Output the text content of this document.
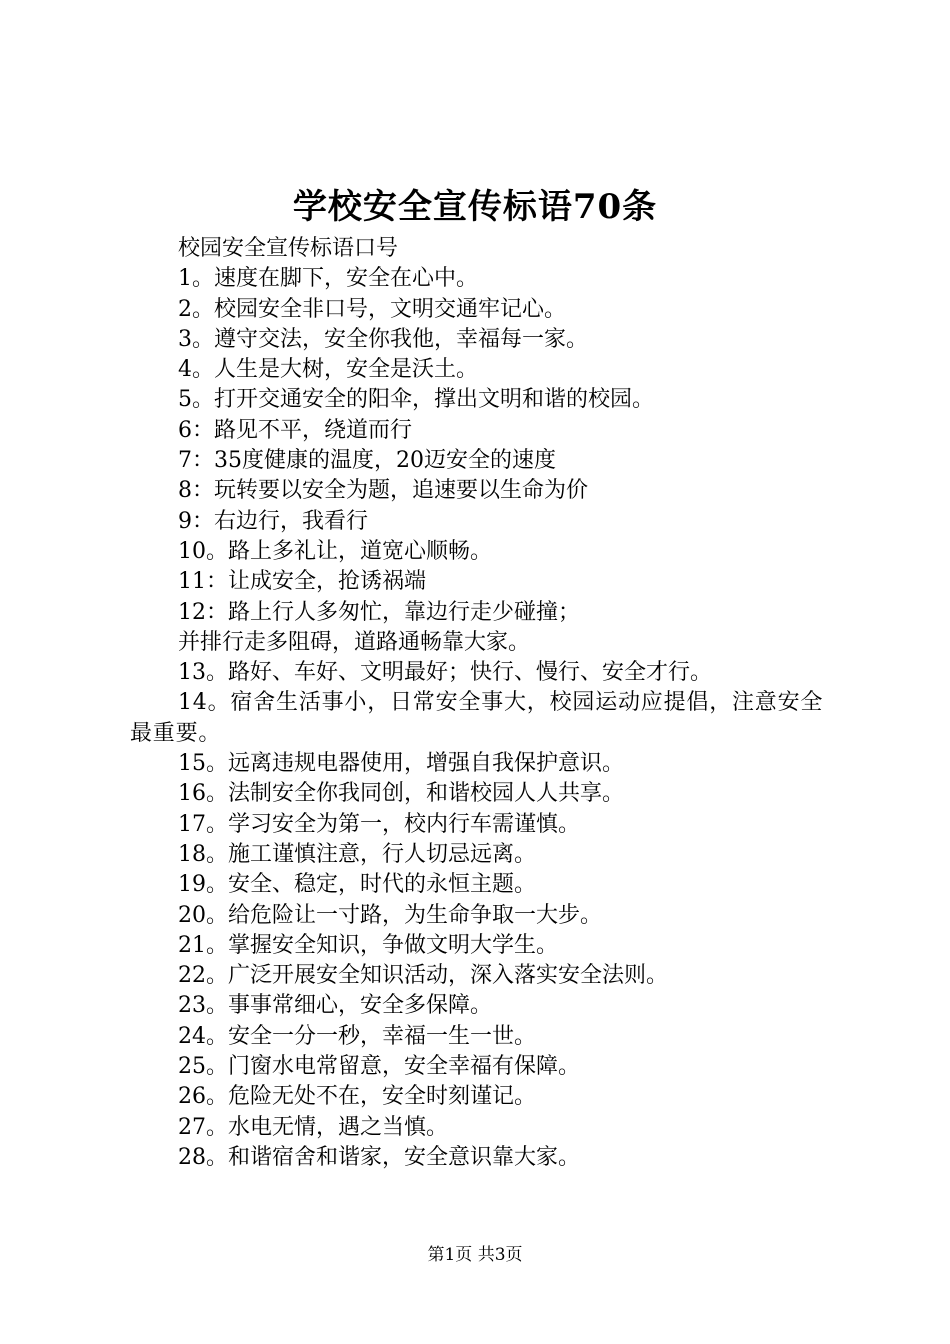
学校安全宣传标语70条
校园安全宣传标语口号
1。速度在脚下，安全在心中。
2。校园安全非口号，文明交通牢记心。
3。遵守交法，安全你我他，幸福每一家。
4。人生是大树，安全是沃土。
5。打开交通安全的阳伞，撑出文明和谐的校园。
6：路见不平，绕道而行
7：35度健康的温度，20迈安全的速度
8：玩转要以安全为题，追速要以生命为价
9：右边行，我看行
10。路上多礼让，道宽心顺畅。
11：让成安全，抢诱祸端
12：路上行人多匆忙，靠边行走少碰撞；
并排行走多阻碍，道路通畅靠大家。
13。路好、车好、文明最好；快行、慢行、安全才行。
14。宿舍生活事小，日常安全事大，校园运动应提倡，注意安全最重要。
15。远离违规电器使用，增强自我保护意识。
16。法制安全你我同创，和谐校园人人共享。
17。学习安全为第一，校内行车需谨慎。
18。施工谨慎注意，行人切忌远离。
19。安全、稳定，时代的永恒主题。
20。给危险让一寸路，为生命争取一大步。
21。掌握安全知识，争做文明大学生。
22。广泛开展安全知识活动，深入落实安全法则。
23。事事常细心，安全多保障。
24。安全一分一秒，幸福一生一世。
25。门窗水电常留意，安全幸福有保障。
26。危险无处不在，安全时刻谨记。
27。水电无情，遇之当慎。
28。和谐宿舍和谐家，安全意识靠大家。
第1页 共3页
